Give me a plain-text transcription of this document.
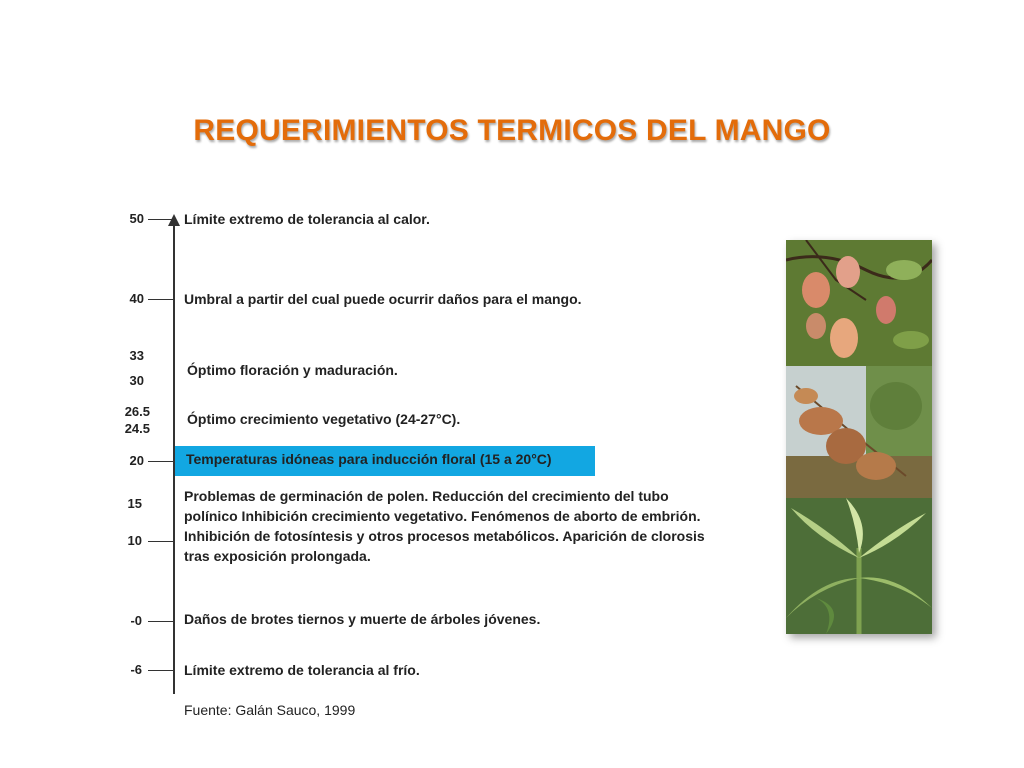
REQUERIMIENTOS TERMICOS DEL MANGO
50
40
33
30
26.5
24.5
20
15
10
-0
-6
Límite extremo de tolerancia al calor.
Umbral a partir del cual puede ocurrir daños para el mango.
Óptimo floración y maduración.
Óptimo crecimiento vegetativo (24-27°C).
Temperaturas idóneas para inducción floral (15 a 20°C)
Problemas de germinación de polen. Reducción del crecimiento del tubo
polínico Inhibición crecimiento vegetativo. Fenómenos de aborto de embrión.
Inhibición de fotosíntesis y otros procesos metabólicos. Aparición de clorosis
tras exposición prolongada.
Daños de brotes tiernos y muerte de árboles jóvenes.
Límite extremo de tolerancia al frío.
Fuente: Galán Sauco, 1999
